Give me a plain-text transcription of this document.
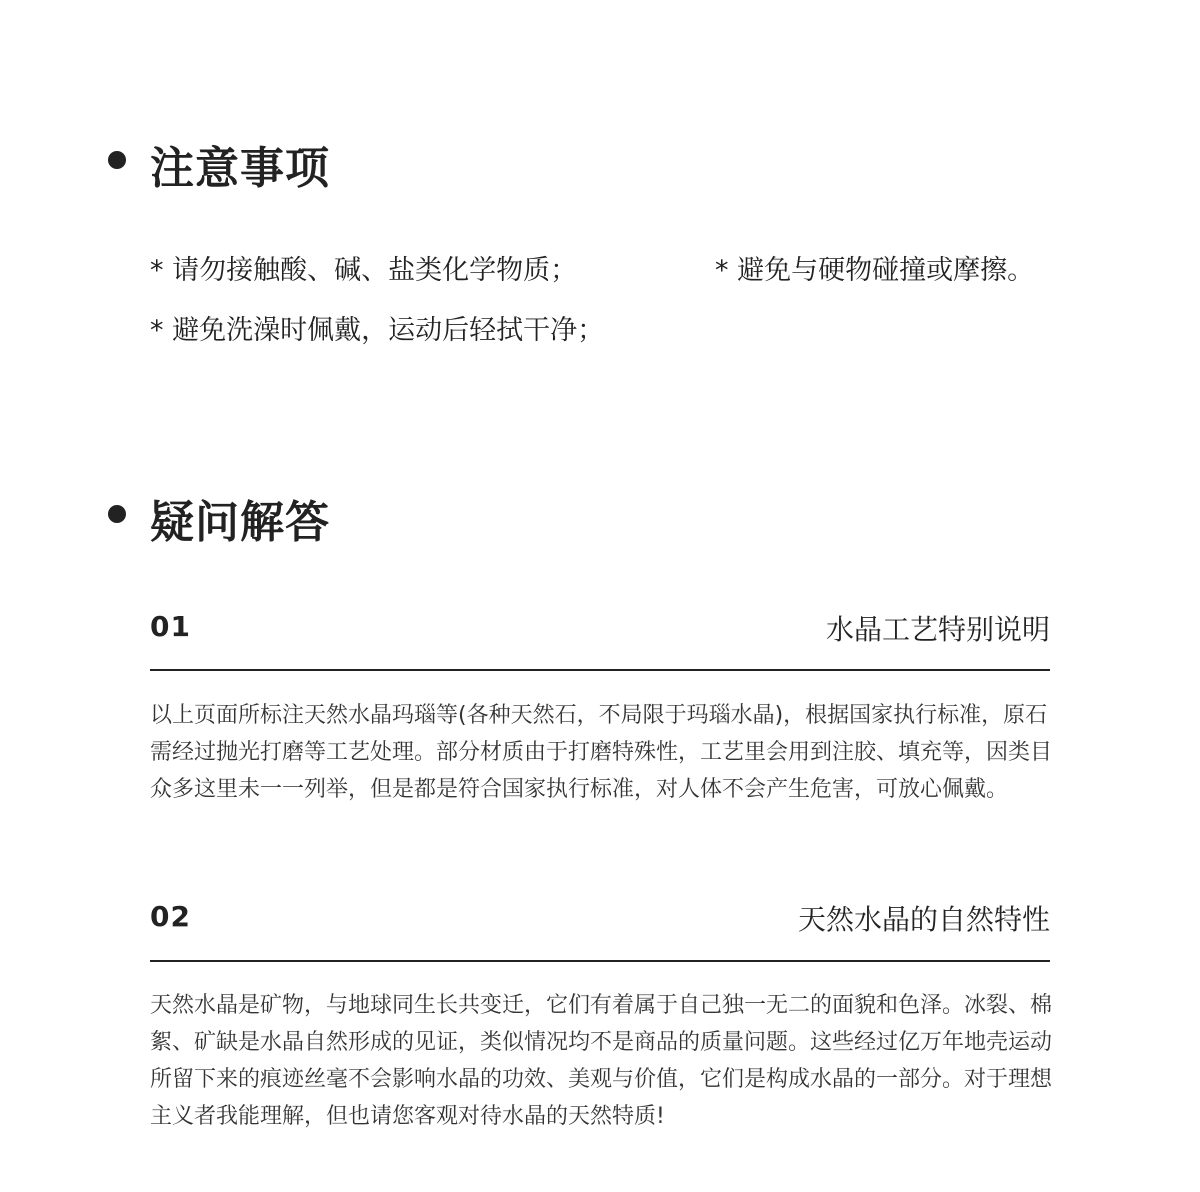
注意事项
* 请勿接触酸、碱、盐类化学物质；	* 避免与硬物碰撞或摩擦。
* 避免洗澡时佩戴，运动后轻拭干净；
疑问解答
01	水晶工艺特别说明
以上页面所标注天然水晶玛瑙等(各种天然石，不局限于玛瑙水晶)，根据国家执行标准，原石需经过抛光打磨等工艺处理。部分材质由于打磨特殊性，工艺里会用到注胶、填充等，因类目众多这里未一一列举，但是都是符合国家执行标准，对人体不会产生危害，可放心佩戴。
02	天然水晶的自然特性
天然水晶是矿物，与地球同生长共变迁，它们有着属于自己独一无二的面貌和色泽。冰裂、棉絮、矿缺是水晶自然形成的见证，类似情况均不是商品的质量问题。这些经过亿万年地壳运动所留下来的痕迹丝毫不会影响水晶的功效、美观与价值，它们是构成水晶的一部分。对于理想主义者我能理解，但也请您客观对待水晶的天然特质!
